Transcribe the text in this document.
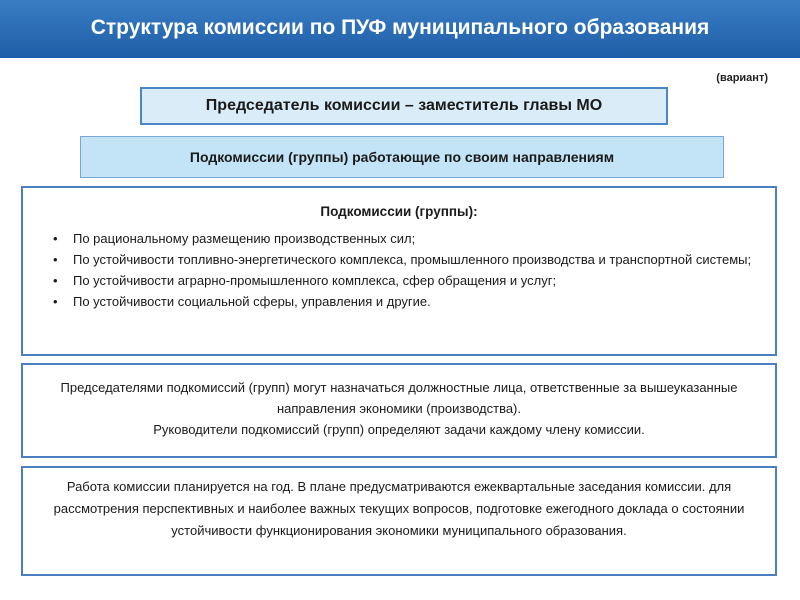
Структура комиссии по ПУФ муниципального образования
(вариант)
Председатель комиссии – заместитель главы МО
Подкомиссии (группы) работающие по своим направлениям
Подкомиссии (группы):
• По рациональному размещению производственных сил;
• По устойчивости топливно-энергетического комплекса, промышленного производства и транспортной системы;
• По устойчивости аграрно-промышленного комплекса, сфер обращения и услуг;
• По устойчивости социальной сферы, управления и другие.
Председателями подкомиссий (групп) могут назначаться должностные лица, ответственные за вышеуказанные направления экономики (производства).
Руководители подкомиссий (групп) определяют задачи каждому члену комиссии.
Работа комиссии планируется на год. В плане предусматриваются ежеквартальные заседания комиссии. для рассмотрения перспективных и наиболее важных текущих вопросов, подготовке ежегодного доклада о состоянии устойчивости функционирования экономики муниципального образования.
